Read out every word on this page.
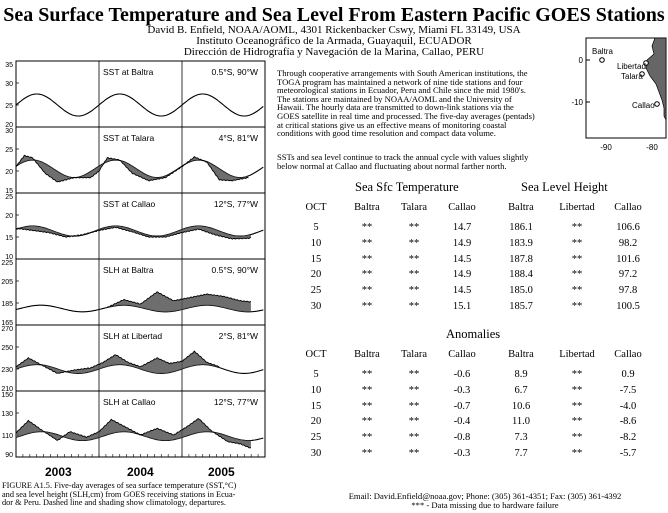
Sea Surface Temperature and Sea Level From Eastern Pacific GOES Stations
David B. Enfield, NOAA/AOML, 4301 Rickenbacker Cswy, Miami FL 33149, USA
Instituto Oceanográfico de la Armada, Guayaquil, ECUADOR
Dirección de Hidrografía y Navegación de la Marina, Callao, PERU
35
30
25
20
SST at Baltra	0.5°S, 90°W
30
25
20
15
SST at Talara	4°S, 81°W
25
20
15
10
SST at Callao	12°S, 77°W
225
205
185
165
SLH at Baltra	0.5°S, 90°W
270
250
230
210
SLH at Libertad	2°S, 81°W
150
130
110
90
SLH at Callao	12°S, 77°W
Through cooperative arrangements with South American institutions, the
TOGA program has maintained a network of nine tide stations and four
meteorological stations in Ecuador, Peru and Chile since the mid 1980's.
The stations are maintained by NOAA/AOML and the University of
Hawaii. The hourly data are transmitted to down-link stations via the
GOES satellite in real time and processed. The five-day averages (pentads)
at critical stations give us an effective means of monitoring coastal
conditions with good time resolution and compact data volume.
SSTs and sea level continue to track the annual cycle with values slightly
below normal at Callao and fluctuating about normal farther north.
Baltra
Libertad
Talara
Callao
0
-10
-90	-80
Sea Sfc Temperature	Sea Level Height
OCT	Baltra	Talara	Callao	Baltra	Libertad	Callao
5	**	**	14.7	186.1	**	106.6
10	**	**	14.9	183.9	**	98.2
15	**	**	14.5	187.8	**	101.6
20	**	**	14.9	188.4	**	97.2
25	**	**	14.5	185.0	**	97.8
30	**	**	15.1	185.7	**	100.5
Anomalies
OCT	Baltra	Talara	Callao	Baltra	Libertad	Callao
5	**	**	-0.6	8.9	**	0.9
10	**	**	-0.3	6.7	**	-7.5
15	**	**	-0.7	10.6	**	-4.0
20	**	**	-0.4	11.0	**	-8.6
25	**	**	-0.8	7.3	**	-8.2
30	**	**	-0.3	7.7	**	-5.7
2003	2004	2005
FIGURE A1.5. Five-day averages of sea surface temperature (SST,°C)
and sea level height (SLH,cm) from GOES receiving stations in Ecua-
dor & Peru. Dashed line and shading show climatology, departures.
Email: David.Enfield@noaa.gov; Phone: (305) 361-4351; Fax: (305) 361-4392
*** - Data missing due to hardware failure
